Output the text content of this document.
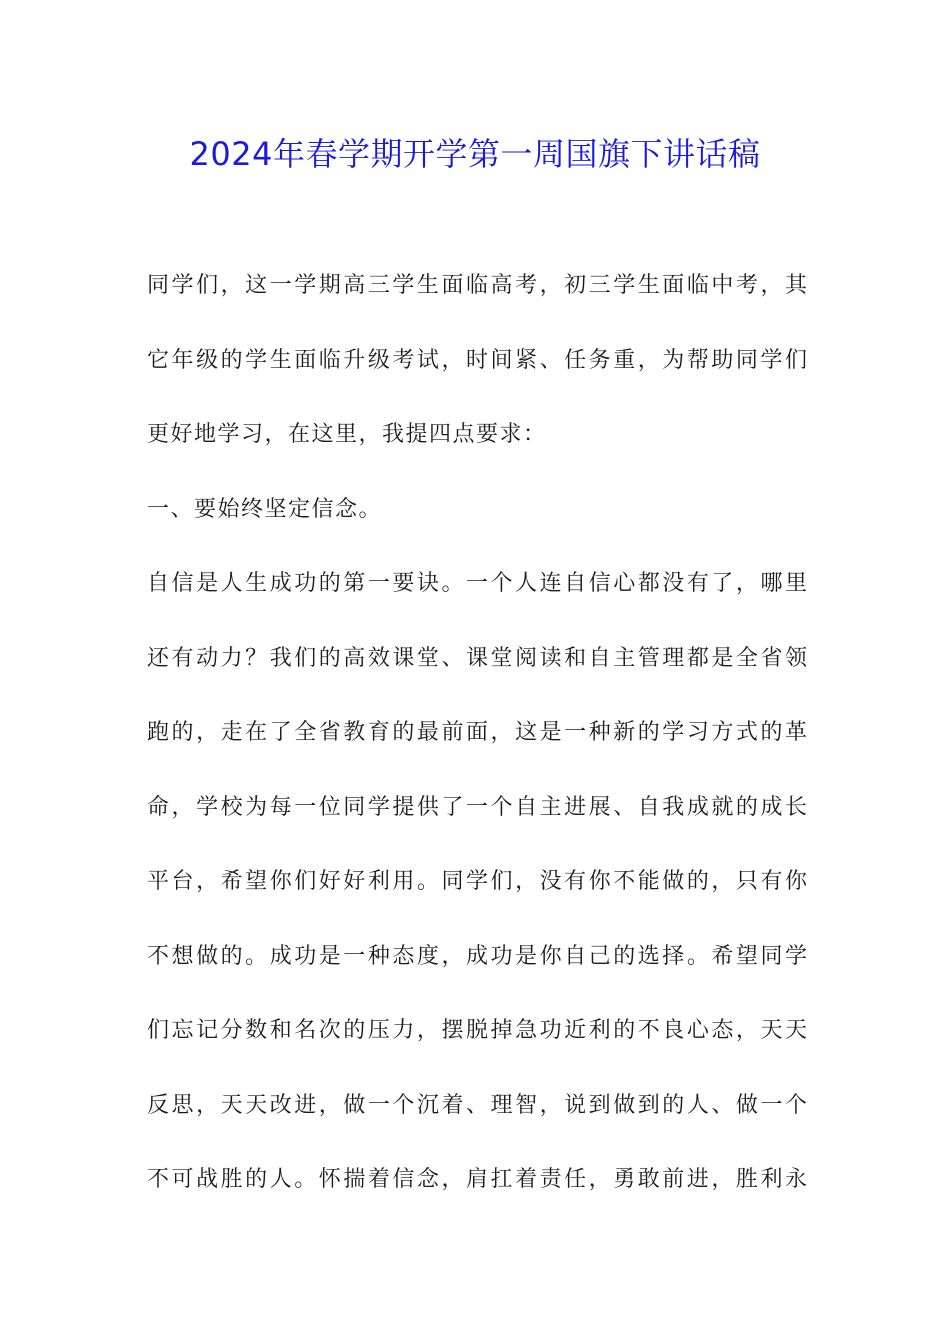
2024年春学期开学第一周国旗下讲话稿
同学们，这一学期高三学生面临高考，初三学生面临中考，其
它年级的学生面临升级考试，时间紧、任务重，为帮助同学们
更好地学习，在这里，我提四点要求：
一、要始终坚定信念。
自信是人生成功的第一要诀。一个人连自信心都没有了，哪里
还有动力？我们的高效课堂、课堂阅读和自主管理都是全省领
跑的，走在了全省教育的最前面，这是一种新的学习方式的革
命，学校为每一位同学提供了一个自主进展、自我成就的成长
平台，希望你们好好利用。同学们，没有你不能做的，只有你
不想做的。成功是一种态度，成功是你自己的选择。希望同学
们忘记分数和名次的压力，摆脱掉急功近利的不良心态，天天
反思，天天改进，做一个沉着、理智，说到做到的人、做一个
不可战胜的人。怀揣着信念，肩扛着责任，勇敢前进，胜利永
